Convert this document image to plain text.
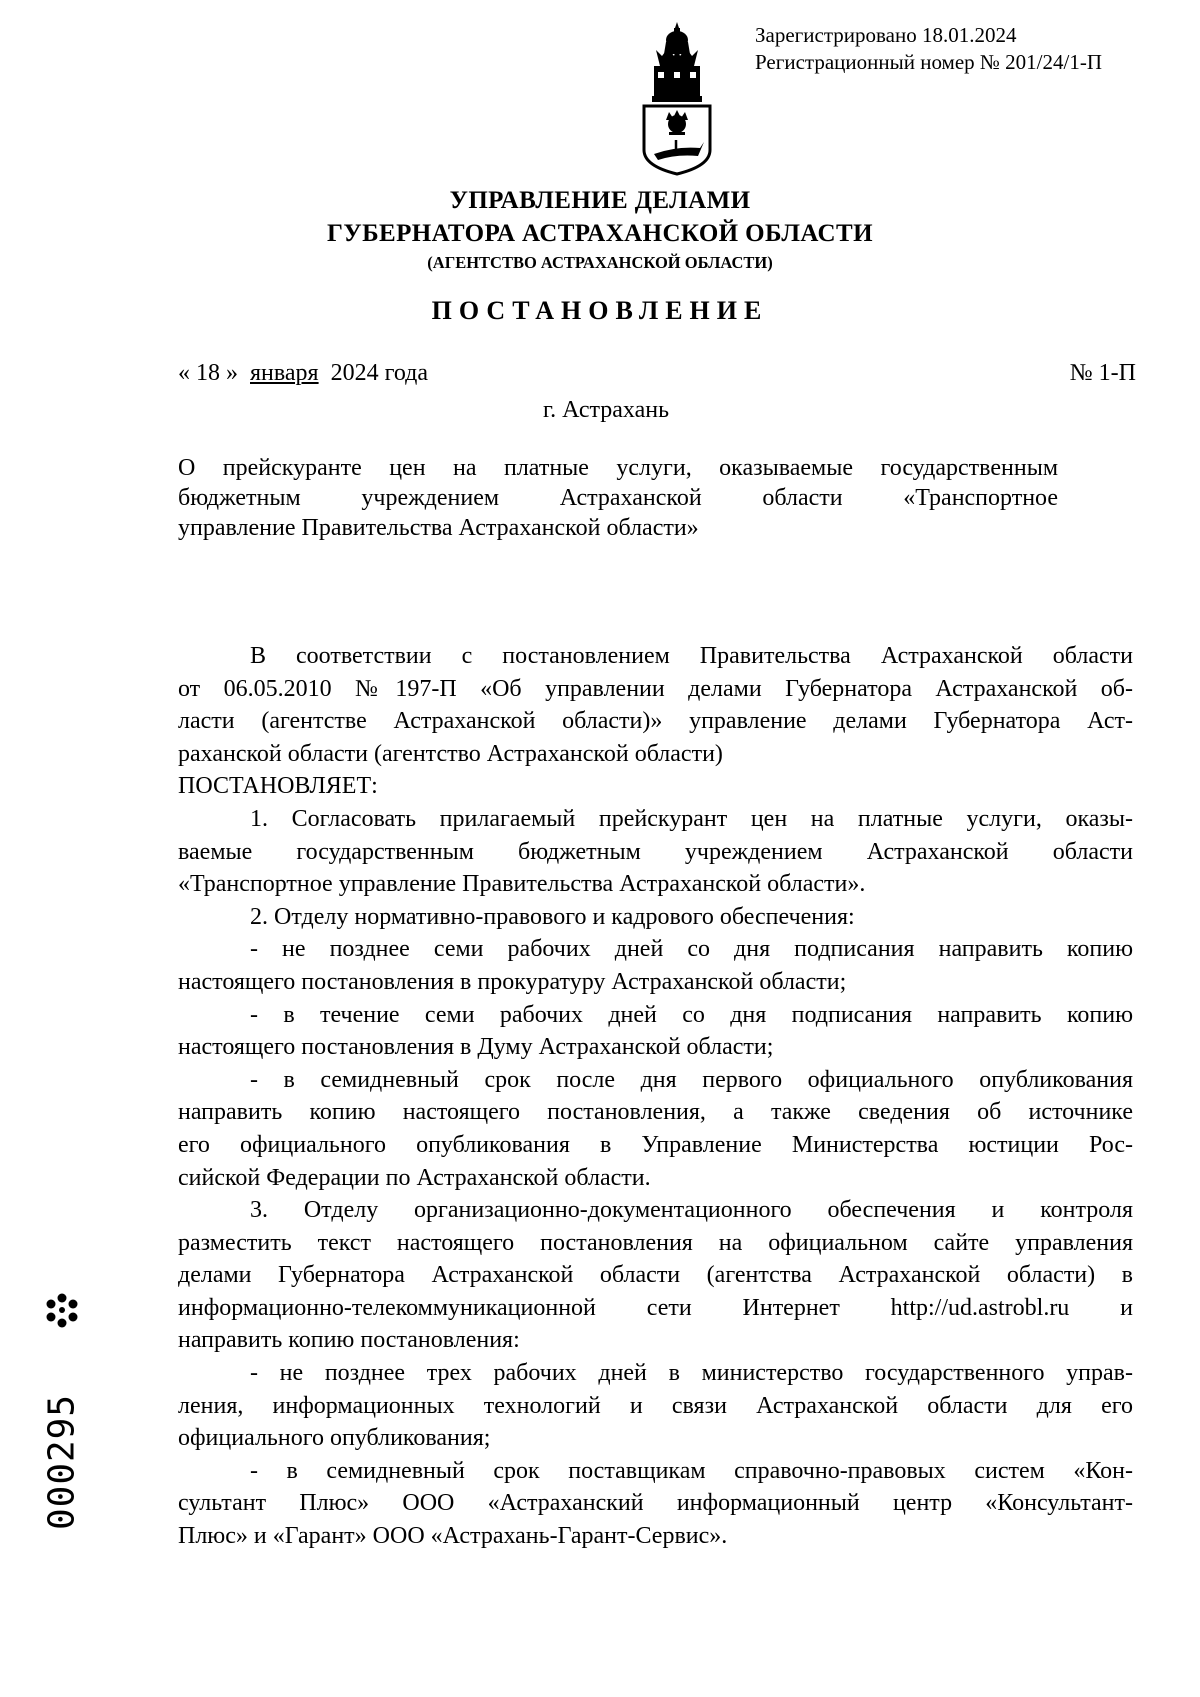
Зарегистрировано 18.01.2024
Регистрационный номер № 201/24/1-П
УПРАВЛЕНИЕ ДЕЛАМИ
ГУБЕРНАТОРА АСТРАХАНСКОЙ ОБЛАСТИ
(АГЕНТСТВО АСТРАХАНСКОЙ ОБЛАСТИ)
ПОСТАНОВЛЕНИЕ
« 18 » января 2024 года	№ 1-П
г. Астрахань
О прейскуранте цен на платные услуги, оказываемые государственным
бюджетным учреждением Астраханской области «Транспортное
управление Правительства Астраханской области»
В соответствии с постановлением Правительства Астраханской области
от 06.05.2010 №197-П «Об управлении делами Губернатора Астраханской об-
ласти (агентстве Астраханской области)» управление делами Губернатора Аст-
раханской области (агентство Астраханской области)
ПОСТАНОВЛЯЕТ:
1. Согласовать прилагаемый прейскурант цен на платные услуги, оказы-
ваемые государственным бюджетным учреждением Астраханской области
«Транспортное управление Правительства Астраханской области».
2. Отделу нормативно-правового и кадрового обеспечения:
- не позднее семи рабочих дней со дня подписания направить копию
настоящего постановления в прокуратуру Астраханской области;
- в течение семи рабочих дней со дня подписания направить копию
настоящего постановления в Думу Астраханской области;
- в семидневный срок после дня первого официального опубликования
направить копию настоящего постановления, а также сведения об источнике
его официального опубликования в Управление Министерства юстиции Рос-
сийской Федерации по Астраханской области.
3. Отделу организационно-документационного обеспечения и контроля
разместить текст настоящего постановления на официальном сайте управления
делами Губернатора Астраханской области (агентства Астраханской области) в
информационно-телекоммуникационной сети Интернет http://ud.astrobl.ru и
направить копию постановления:
- не позднее трех рабочих дней в министерство государственного управ-
ления, информационных технологий и связи Астраханской области для его
официального опубликования;
- в семидневный срок поставщикам справочно-правовых систем «Кон-
сультант Плюс» ООО «Астраханский информационный центр «Консультант-
Плюс» и «Гарант» ООО «Астрахань-Гарант-Сервис».
000295
